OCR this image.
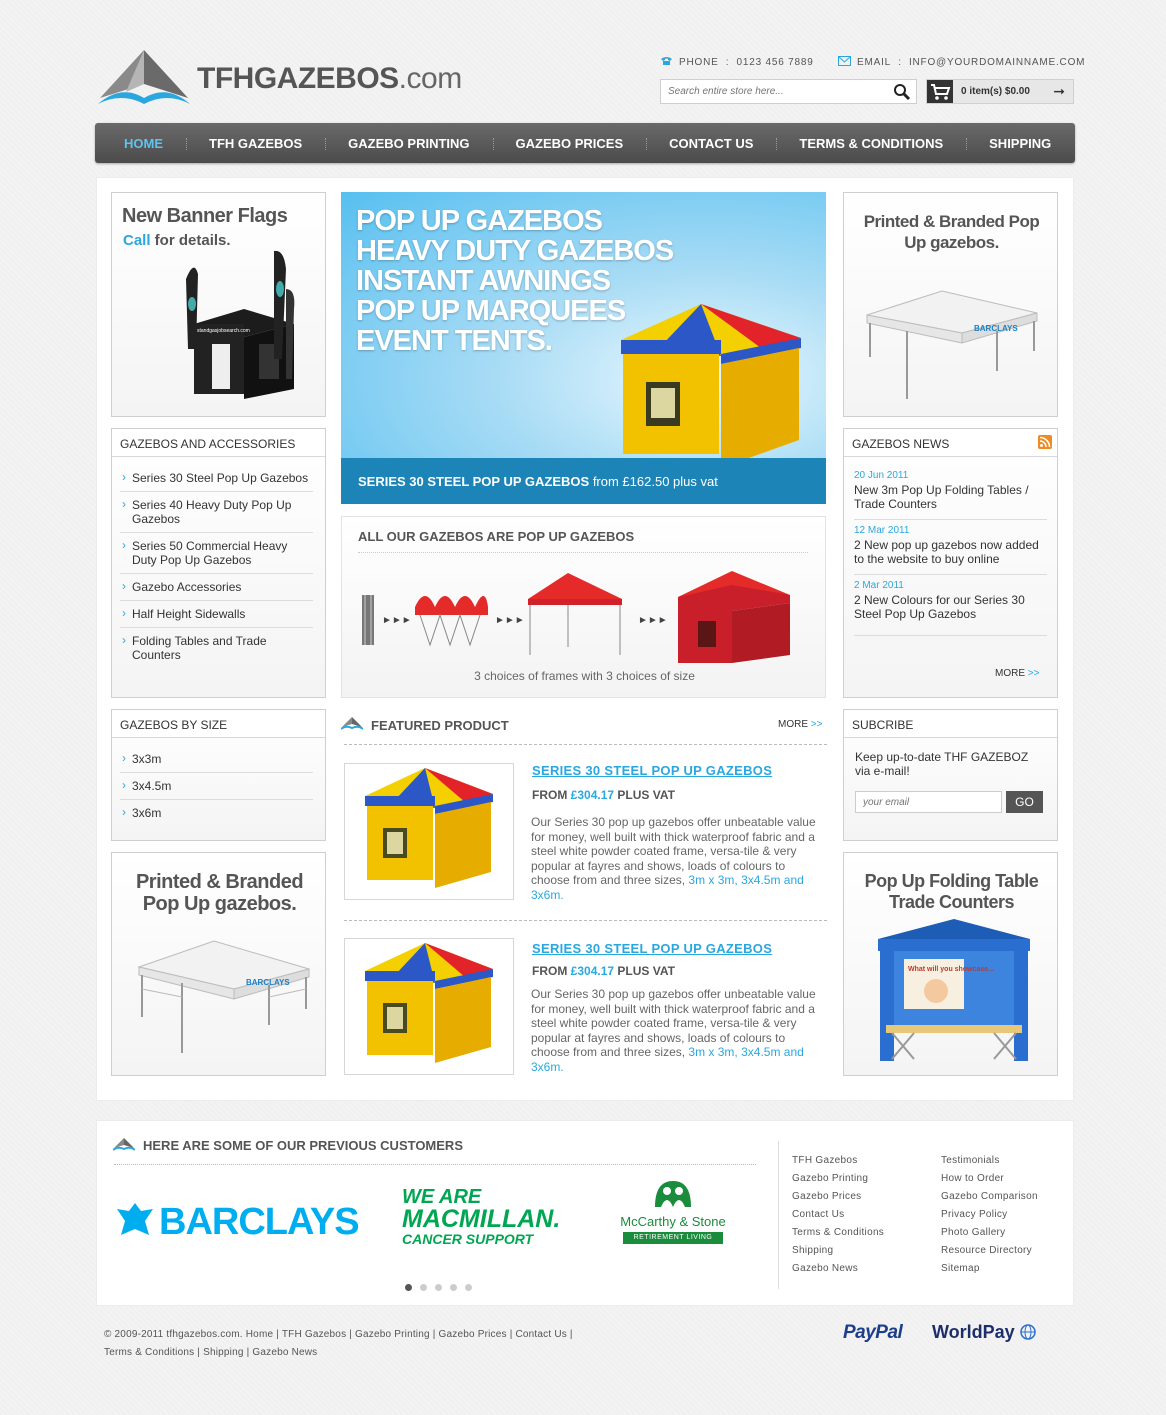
TFHGAZEBOS.com	PHONE : 0123 456 7889	EMAIL : INFO@YOURDOMAINNAME.COM
Search entire store here...
0 item(s) $0.00 ➞
HOME	TFH GAZEBOS	GAZEBO PRINTING	GAZEBO PRICES	CONTACT US	TERMS & CONDITIONS	SHIPPING
New Banner Flags
Call for details.
standgasjobsearch.com
GAZEBOS AND ACCESSORIES
› Series 30 Steel Pop Up Gazebos
› Series 40 Heavy Duty Pop Up Gazebos
› Series 50 Commercial Heavy Duty Pop Up Gazebos
› Gazebo Accessories
› Half Height Sidewalls
› Folding Tables and Trade Counters
GAZEBOS BY SIZE
› 3x3m
› 3x4.5m
› 3x6m
Printed & Branded Pop Up gazebos.
BARCLAYS
POP UP GAZEBOS
HEAVY DUTY GAZEBOS
INSTANT AWNINGS
POP UP MARQUEES
EVENT TENTS.
SERIES 30 STEEL POP UP GAZEBOS from £162.50 plus vat
ALL OUR GAZEBOS ARE POP UP GAZEBOS
►►►	►►►	►►►
3 choices of frames with 3 choices of size
FEATURED PRODUCT	MORE >>
SERIES 30 STEEL POP UP GAZEBOS
FROM £304.17 PLUS VAT
Our Series 30 pop up gazebos offer unbeatable value for money, well built with thick waterproof fabric and a steel white powder coated frame, versa-tile & very popular at fayres and shows, loads of colours to choose from and three sizes, 3m x 3m, 3x4.5m and 3x6m.
SERIES 30 STEEL POP UP GAZEBOS
FROM £304.17 PLUS VAT
Our Series 30 pop up gazebos offer unbeatable value for money, well built with thick waterproof fabric and a steel white powder coated frame, versa-tile & very popular at fayres and shows, loads of colours to choose from and three sizes, 3m x 3m, 3x4.5m and 3x6m.
Printed & Branded Pop Up gazebos.
BARCLAYS
GAZEBOS NEWS
20 Jun 2011
New 3m Pop Up Folding Tables / Trade Counters
12 Mar 2011
2 New pop up gazebos now added to the website to buy online
2 Mar 2011
2 New Colours for our Series 30 Steel Pop Up Gazebos
MORE >>
SUBCRIBE
Keep up-to-date THF GAZEBOZ via e-mail!
your email
GO
Pop Up Folding Table Trade Counters
What will you showcase...
HERE ARE SOME OF OUR PREVIOUS CUSTOMERS
BARCLAYS
WE ARE
MACMILLAN.
CANCER SUPPORT
McCarthy & Stone
RETIREMENT LIVING
TFH Gazebos
Gazebo Printing
Gazebo Prices
Contact Us
Terms & Conditions
Shipping
Gazebo News
Testimonials
How to Order
Gazebo Comparison
Privacy Policy
Photo Gallery
Resource Directory
Sitemap
© 2009-2011 tfhgazebos.com. Home | TFH Gazebos | Gazebo Printing | Gazebo Prices | Contact Us |
Terms & Conditions | Shipping | Gazebo News
PayPal WorldPay
